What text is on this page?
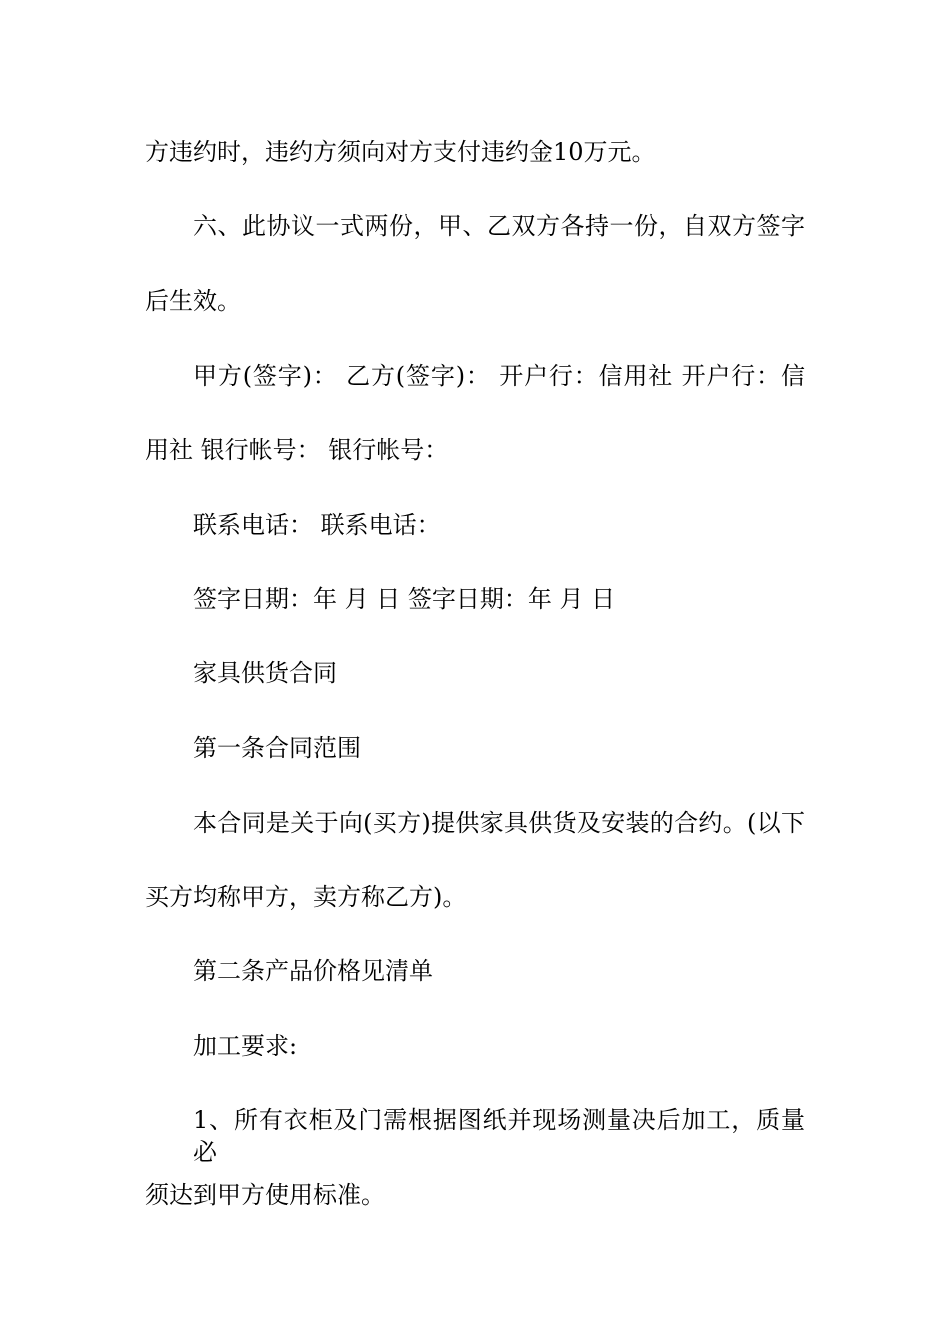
方违约时，违约方须向对方支付违约金10万元。
六、此协议一式两份，甲、乙双方各持一份，自双方签字
后生效。
甲方(签字)： 乙方(签字)： 开户行：信用社 开户行：信
用社 银行帐号： 银行帐号：
联系电话： 联系电话：
签字日期：年 月 日 签字日期：年 月 日
家具供货合同
第一条合同范围
本合同是关于向(买方)提供家具供货及安装的合约。(以下
买方均称甲方，卖方称乙方)。
第二条产品价格见清单
加工要求:
1、所有衣柜及门需根据图纸并现场测量决后加工，质量必
须达到甲方使用标准。
